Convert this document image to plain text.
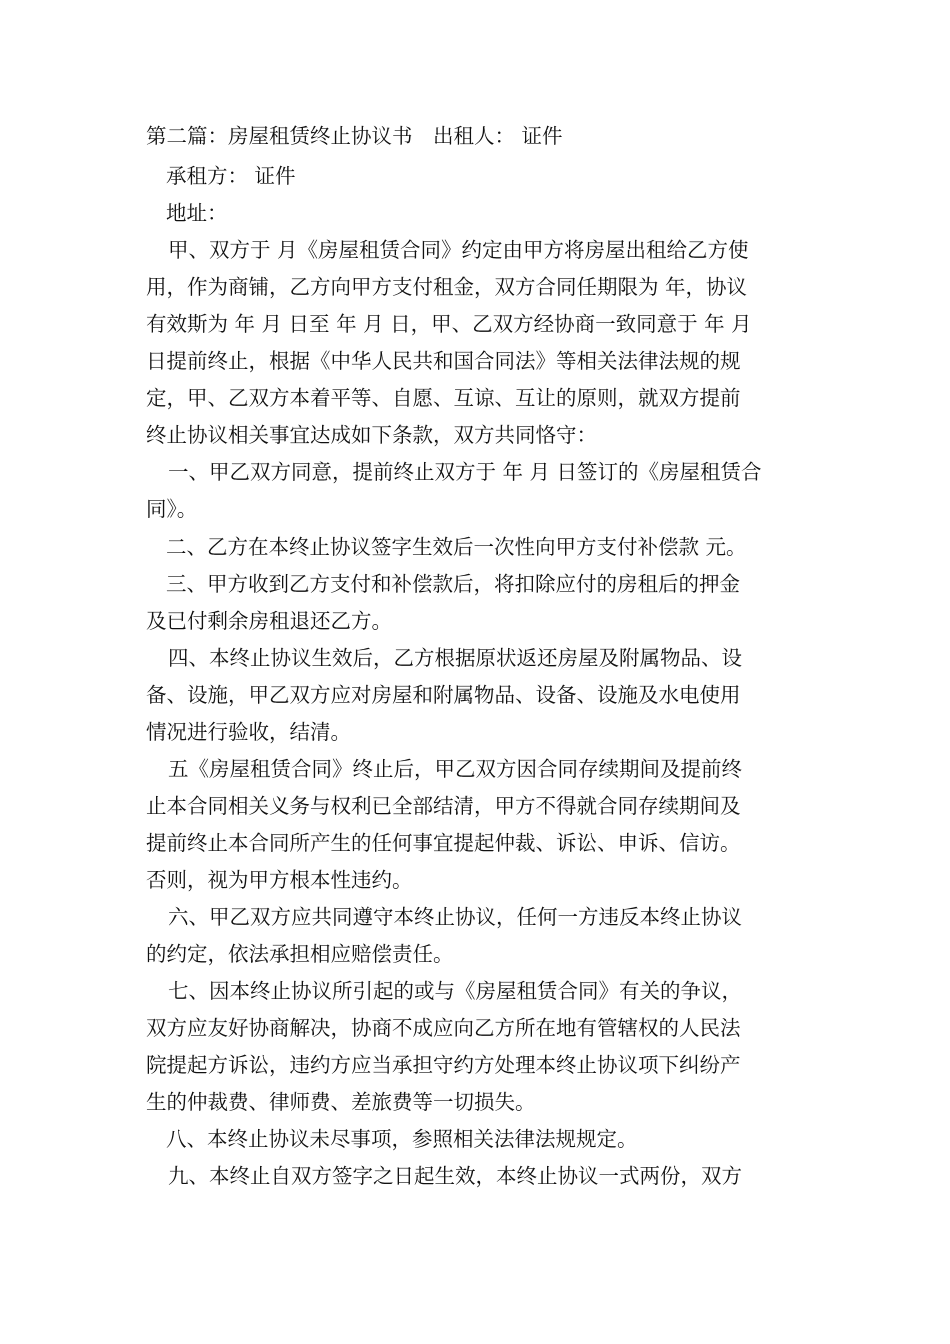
第二篇：房屋租赁终止协议书　出租人： 证件
承租方： 证件
地址：
甲、双方于 月《房屋租赁合同》约定由甲方将房屋出租给乙方使
用，作为商铺，乙方向甲方支付租金，双方合同任期限为 年，协议
有效斯为 年 月 日至 年 月 日，甲、乙双方经协商一致同意于 年 月
日提前终止，根据《中华人民共和国合同法》等相关法律法规的规
定，甲、乙双方本着平等、自愿、互谅、互让的原则，就双方提前
终止协议相关事宜达成如下条款，双方共同恪守：
一、甲乙双方同意，提前终止双方于 年 月 日签订的《房屋租赁合
同》。
二、乙方在本终止协议签字生效后一次性向甲方支付补偿款 元。
三、甲方收到乙方支付和补偿款后，将扣除应付的房租后的押金
及已付剩余房租退还乙方。
四、本终止协议生效后，乙方根据原状返还房屋及附属物品、设
备、设施，甲乙双方应对房屋和附属物品、设备、设施及水电使用
情况进行验收，结清。
五《房屋租赁合同》终止后，甲乙双方因合同存续期间及提前终
止本合同相关义务与权利已全部结清，甲方不得就合同存续期间及
提前终止本合同所产生的任何事宜提起仲裁、诉讼、申诉、信访。
否则，视为甲方根本性违约。
六、甲乙双方应共同遵守本终止协议，任何一方违反本终止协议
的约定，依法承担相应赔偿责任。
七、因本终止协议所引起的或与《房屋租赁合同》有关的争议，
双方应友好协商解决，协商不成应向乙方所在地有管辖权的人民法
院提起方诉讼，违约方应当承担守约方处理本终止协议项下纠纷产
生的仲裁费、律师费、差旅费等一切损失。
八、本终止协议未尽事项，参照相关法律法规规定。
九、本终止自双方签字之日起生效，本终止协议一式两份，双方
